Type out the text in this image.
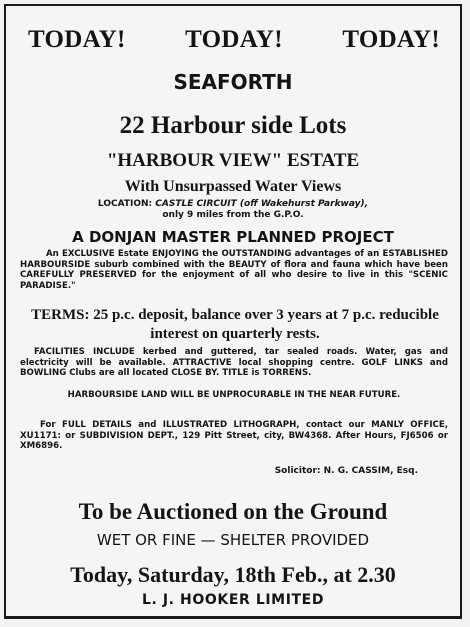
TODAY! TODAY! TODAY!
SEAFORTH
22 Harbour side Lots
"HARBOUR VIEW" ESTATE
With Unsurpassed Water Views
LOCATION: CASTLE CIRCUIT (off Wakehurst Parkway),
only 9 miles from the G.P.O.
A DONJAN MASTER PLANNED PROJECT
An EXCLUSIVE Estate ENJOYING the OUTSTANDING advantages of an ESTABLISHED HARBOURSIDE suburb combined with the BEAUTY of flora and fauna which have been CAREFULLY PRESERVED for the enjoyment of all who desire to live in this "SCENIC PARADISE."
TERMS: 25 p.c. deposit, balance over 3 years at 7 p.c. reducible interest on quarterly rests.
FACILITIES INCLUDE kerbed and guttered, tar sealed roads. Water, gas and electricity will be available. ATTRACTIVE local shopping centre. GOLF LINKS and BOWLING Clubs are all located CLOSE BY. TITLE is TORRENS.
HARBOURSIDE LAND WILL BE UNPROCURABLE IN THE NEAR FUTURE.
For FULL DETAILS and ILLUSTRATED LITHOGRAPH, contact our MANLY OFFICE, XU1171: or SUBDIVISION DEPT., 129 Pitt Street, city, BW4368. After Hours, FJ6506 or XM6896.
Solicitor: N. G. CASSIM, Esq.
To be Auctioned on the Ground
WET OR FINE — SHELTER PROVIDED
Today, Saturday, 18th Feb., at 2.30
L. J. HOOKER LIMITED
